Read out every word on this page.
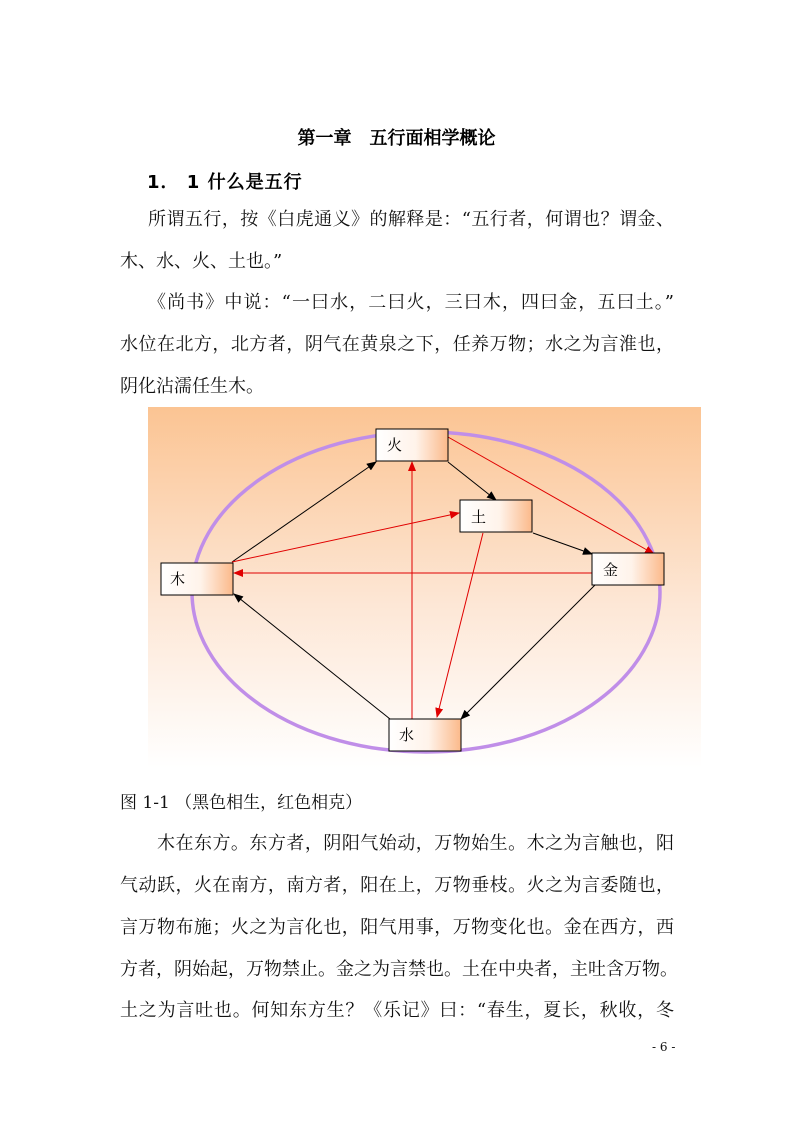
第一章　五行面相学概论
1． 1 什么是五行
所谓五行，按《白虎通义》的解释是：“五行者，何谓也？谓金、
木、水、火、土也。”
《尚书》中说：“一曰水，二曰火，三曰木，四曰金，五曰土。”
水位在北方，北方者，阴气在黄泉之下，任养万物；水之为言淮也，
阴化沾濡任生木。
火
土
金
木
水
图 1-1 （黑色相生，红色相克）
木在东方。东方者，阴阳气始动，万物始生。木之为言触也，阳
气动跃，火在南方，南方者，阳在上，万物垂枝。火之为言委随也，
言万物布施；火之为言化也，阳气用事，万物变化也。金在西方，西
方者，阴始起，万物禁止。金之为言禁也。土在中央者，主吐含万物。
土之为言吐也。何知东方生？《乐记》曰：“春生，夏长，秋收，冬
- 6 -
